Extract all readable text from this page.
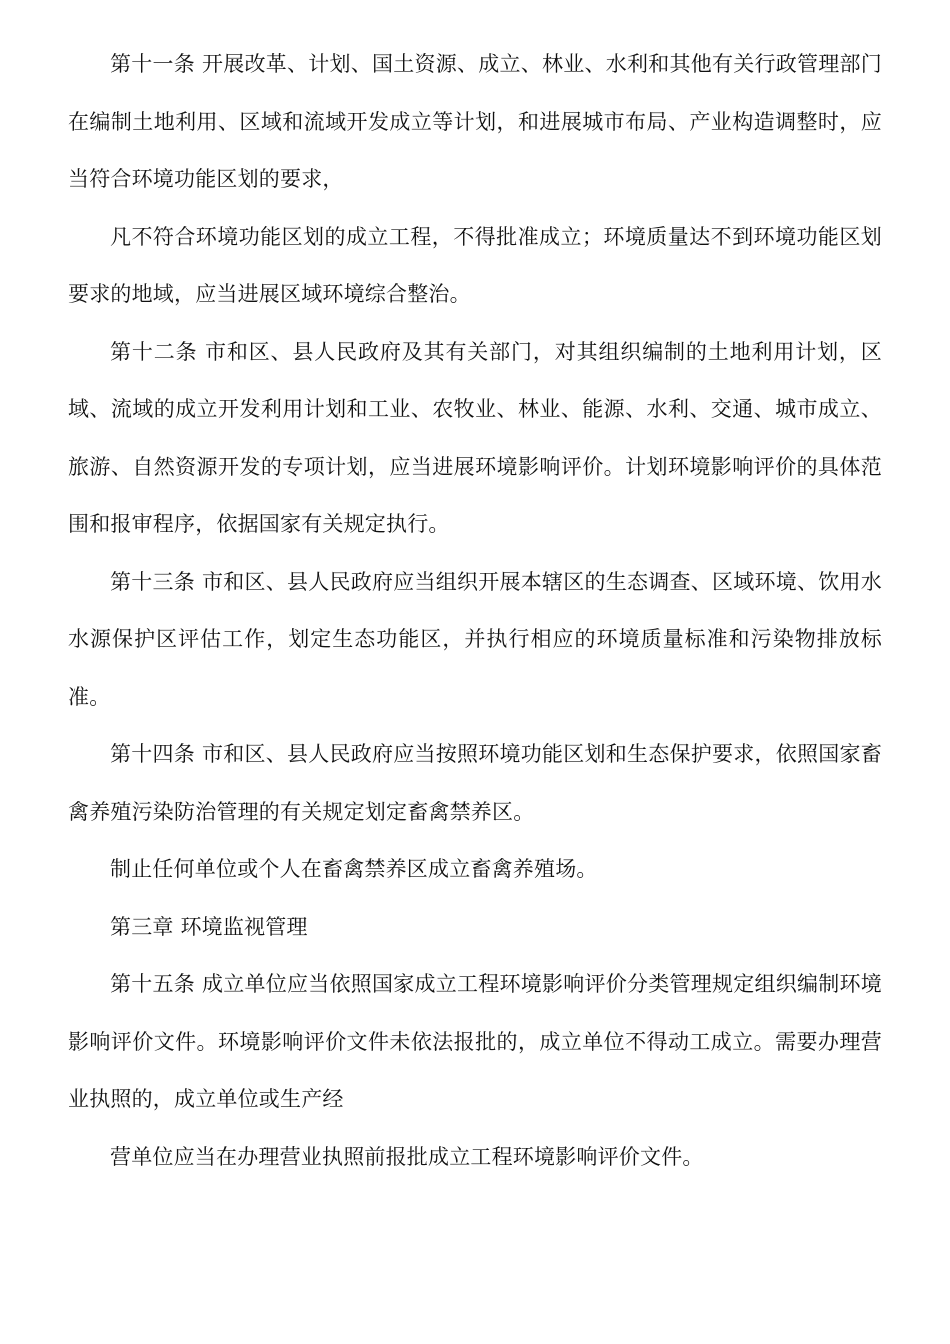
第十一条 开展改革、计划、国土资源、成立、林业、水利和其他有关行政管理部门在编制土地利用、区域和流域开发成立等计划，和进展城市布局、产业构造调整时，应当符合环境功能区划的要求，

凡不符合环境功能区划的成立工程，不得批准成立；环境质量达不到环境功能区划要求的地域，应当进展区域环境综合整治。

第十二条 市和区、县人民政府及其有关部门，对其组织编制的土地利用计划，区域、流域的成立开发利用计划和工业、农牧业、林业、能源、水利、交通、城市成立、旅游、自然资源开发的专项计划，应当进展环境影响评价。计划环境影响评价的具体范围和报审程序，依据国家有关规定执行。

第十三条 市和区、县人民政府应当组织开展本辖区的生态调查、区域环境、饮用水水源保护区评估工作，划定生态功能区，并执行相应的环境质量标准和污染物排放标准。

第十四条 市和区、县人民政府应当按照环境功能区划和生态保护要求，依照国家畜禽养殖污染防治管理的有关规定划定畜禽禁养区。

制止任何单位或个人在畜禽禁养区成立畜禽养殖场。

第三章 环境监视管理

第十五条 成立单位应当依照国家成立工程环境影响评价分类管理规定组织编制环境影响评价文件。环境影响评价文件未依法报批的，成立单位不得动工成立。需要办理营业执照的，成立单位或生产经

营单位应当在办理营业执照前报批成立工程环境影响评价文件。
